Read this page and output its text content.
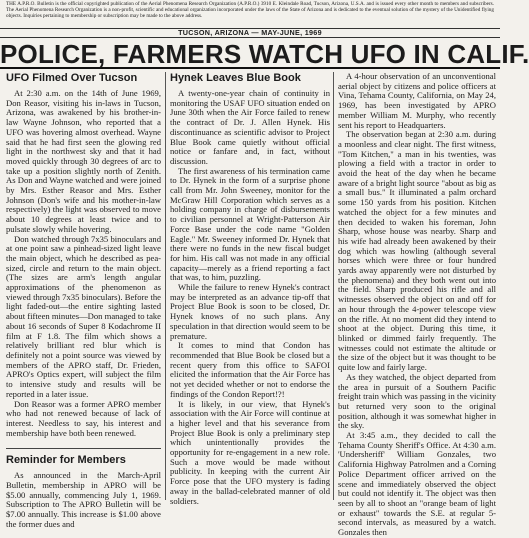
THE A.P.R.O. Bulletin is the official copyrighted publication of the Aerial Phenomena Research Organization (A.P.R.O.) 3910 E. Kleindale Road, Tucson, Arizona, U.S.A. and is issued every other month to members and subscribers. The Aerial Phenomena Research Organization is a non-profit, scientific and educational organization incorporated under the laws of the State of Arizona and is dedicated to the eventual solution of the mystery of the Unidentified flying objects. Inquiries pertaining to membership or subscription may be made to the above address.
TUCSON, ARIZONA — MAY-JUNE, 1969
POLICE, FARMERS WATCH UFO IN CALIF.
UFO Filmed Over Tucson

At 2:30 a.m. on the 14th of June 1969, Don Reasor, visiting his in-laws in Tucson, Arizona, was awakened by his brother-in-law Wayne Johnson, who reported that a UFO was hovering almost overhead. Wayne said that he had first seen the glowing red light in the northwest sky and that it had moved quickly through 30 degrees of arc to take up a position slightly north of Zenith. As Don and Wayne watched and were joined by Mrs. Esther Reasor and Mrs. Esther Johnson (Don's wife and his mother-in-law respectively) the light was observed to move about 10 degrees at least twice and to pulsate slowly while hovering.

Don watched through 7x35 binoculars and at one point saw a pinhead-sized light leave the main object, which he described as pea-sized, circle and return to the main object. (The sizes are arm's length angular approximations of the phenomenon as viewed through 7x35 binoculars). Before the light faded-out—the entire sighting lasted about fifteen minutes—Don managed to take about 16 seconds of Super 8 Kodachrome II film at F 1.8. The film which shows a relatively brilliant red blur which is definitely not a point source was viewed by members of the APRO staff, Dr. Frieden, APRO's Optics expert, will subject the film to intensive study and results will be reported in a later issue.

Don Reasor was a former APRO member who had not renewed because of lack of interest. Needless to say, his interest and membership have both been renewed.

Reminder for Members

As announced in the March-April Bulletin, membership in APRO will be $5.00 annually, commencing July 1, 1969. Subscription to The APRO Bulletin will be $7.00 annually. This increase is $1.00 above the former dues and

Hynek Leaves Blue Book

A twenty-one-year chain of continuity in monitoring the USAF UFO situation ended on June 30th when the Air Force failed to renew the contract of Dr. J. Allen Hynek. His discontinuance as scientific advisor to Project Blue Book came quietly without official notice or fanfare and, in fact, without discussion.

The first awareness of his termination came to Dr. Hynek in the form of a surprise phone call from Mr. John Sweeney, monitor for the McGraw Hill Corporation which serves as a holding company in charge of disbursements to civilian personnel at Wright-Patterson Air Force Base under the code name "Golden Eagle." Mr. Sweeney informed Dr. Hynek that there were no funds in the new fiscal budget for him. His call was not made in any official capacity—merely as a friend reporting a fact that was, to him, puzzling.

While the failure to renew Hynek's contract may be interpreted as an advance tip-off that Project Blue Book is soon to be closed, Dr. Hynek knows of no such plans. Any speculation in that direction would seem to be premature.

It comes to mind that Condon has recommended that Blue Book be closed but a recent query from this office to SAFOI elicited the information that the Air Force has not yet decided whether or not to endorse the findings of the Condon Report!?!

It is likely, in our view, that Hynek's association with the Air Force will continue at a higher level and that his severance from Project Blue Book is only a preliminary step which unintentionally provides the opportunity for re-engagement in a new role. Such a move would be made without publicity. In keeping with the current Air Force pose that the UFO mystery is fading away in the ballad-celebrated manner of old soldiers.

A 4-hour observation of an unconventional aerial object by citizens and police officers at Vina, Tehama County, California, on May 24, 1969, has been investigated by APRO member William M. Murphy, who recently sent his report to Headquarters.

The observation began at 2:30 a.m. during a moonless and clear night. The first witness, "Tom Kitchen," a man in his twenties, was plowing a field with a tractor in order to avoid the heat of the day when he became aware of a bright light source "about as big as a small bus." It illuminated a palm orchard some 150 yards from his position. Kitchen watched the object for a few minutes and then decided to waken his foreman, John Sharp, whose house was nearby. Sharp and his wife had already been awakened by their dog which was howling (although several horses which were three or four hundred yards away apparently were not disturbed by the phenomena) and they both went out into the field. Sharp produced his rifle and all witnesses observed the object on and off for an hour through the 4-power telescope view on the rifle. At no moment did they intend to shoot at the object. During this time, it blinked or dimmed fairly frequently. The witnesses could not estimate the altitude or the size of the object but it was thought to be quite low and fairly large.

As they watched, the object departed from the area in pursuit of a Southern Pacific freight train which was passing in the vicinity but returned very soon to the original position, although it was somewhat higher in the sky.

At 3:45 a.m., they decided to call the Tehama County Sheriff's Office. At 4:30 a.m. 'Undersheriff' William Gonzales, two California Highway Patrolmen and a Corning Police Department officer arrived on the scene and immediately observed the object but could not identify it. The object was then seen by all to shoot an "orange beam of light or exhaust" towards the S.E. at regular 5-second intervals, as measured by a watch. Gonzales then
